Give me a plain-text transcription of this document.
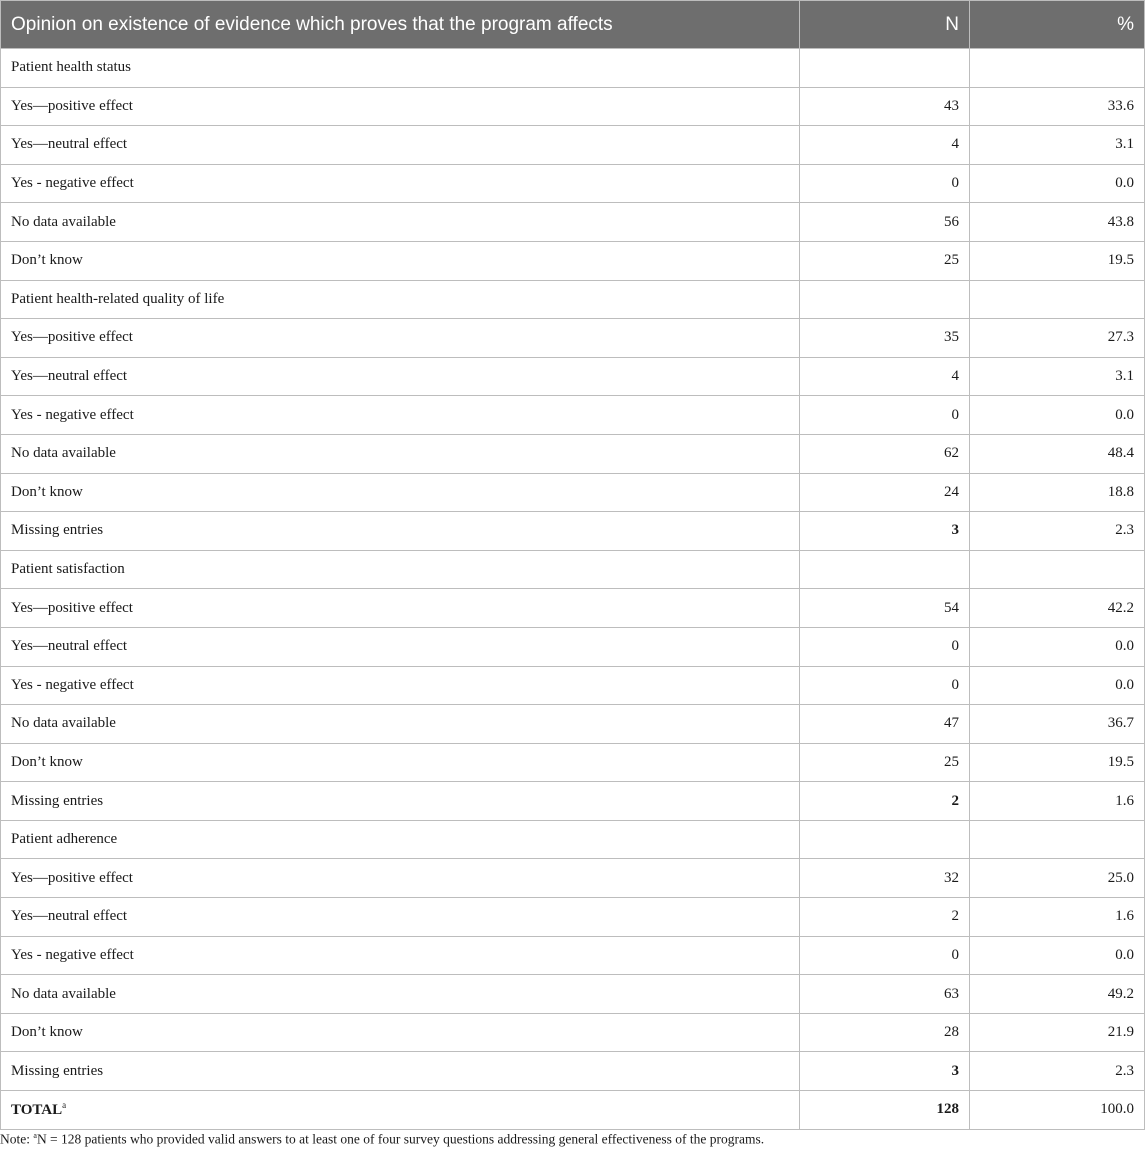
Opinion on existence of evidence which proves that the program affects	N	%
Patient health status		
Yes—positive effect	43	33.6
Yes—neutral effect	4	3.1
Yes - negative effect	0	0.0
No data available	56	43.8
Don’t know	25	19.5
Patient health-related quality of life		
Yes—positive effect	35	27.3
Yes—neutral effect	4	3.1
Yes - negative effect	0	0.0
No data available	62	48.4
Don’t know	24	18.8
Missing entries	3	2.3
Patient satisfaction		
Yes—positive effect	54	42.2
Yes—neutral effect	0	0.0
Yes - negative effect	0	0.0
No data available	47	36.7
Don’t know	25	19.5
Missing entries	2	1.6
Patient adherence		
Yes—positive effect	32	25.0
Yes—neutral effect	2	1.6
Yes - negative effect	0	0.0
No data available	63	49.2
Don’t know	28	21.9
Missing entries	3	2.3
TOTAL$^a$	128	100.0
Note: $^a$N = 128 patients who provided valid answers to at least one of four survey questions addressing general effectiveness of the programs.
